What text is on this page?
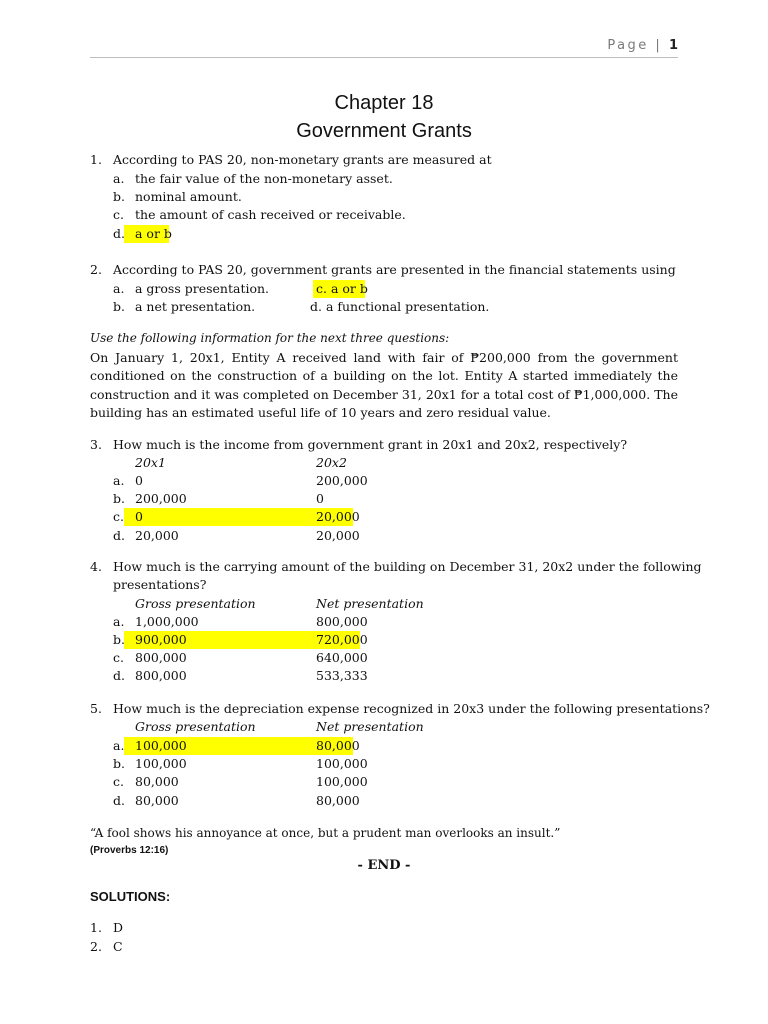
Page | 1
Chapter 18
Government Grants
1. According to PAS 20, non-monetary grants are measured at
a. the fair value of the non-monetary asset.
b. nominal amount.
c. the amount of cash received or receivable.
d. a or b
2. According to PAS 20, government grants are presented in the financial statements using
a. a gross presentation.
b. a net presentation.
c. a or b
d. a functional presentation.
Use the following information for the next three questions:
On January 1, 20x1, Entity A received land with fair of ₱200,000 from the government conditioned on the construction of a building on the lot. Entity A started immediately the construction and it was completed on December 31, 20x1 for a total cost of ₱1,000,000. The building has an estimated useful life of 10 years and zero residual value.
3. How much is the income from government grant in 20x1 and 20x2, respectively?
20x1	20x2
a. 0	200,000
b. 200,000	0
c. 0	20,000
d. 20,000	20,000
4. How much is the carrying amount of the building on December 31, 20x2 under the following
presentations?
Gross presentation	Net presentation
a. 1,000,000	800,000
b. 900,000	720,000
c. 800,000	640,000
d. 800,000	533,333
5. How much is the depreciation expense recognized in 20x3 under the following presentations?
Gross presentation	Net presentation
a. 100,000	80,000
b. 100,000	100,000
c. 80,000	100,000
d. 80,000	80,000
“A fool shows his annoyance at once, but a prudent man overlooks an insult.”
(Proverbs 12:16)
- END -
SOLUTIONS:
1. D
2. C
